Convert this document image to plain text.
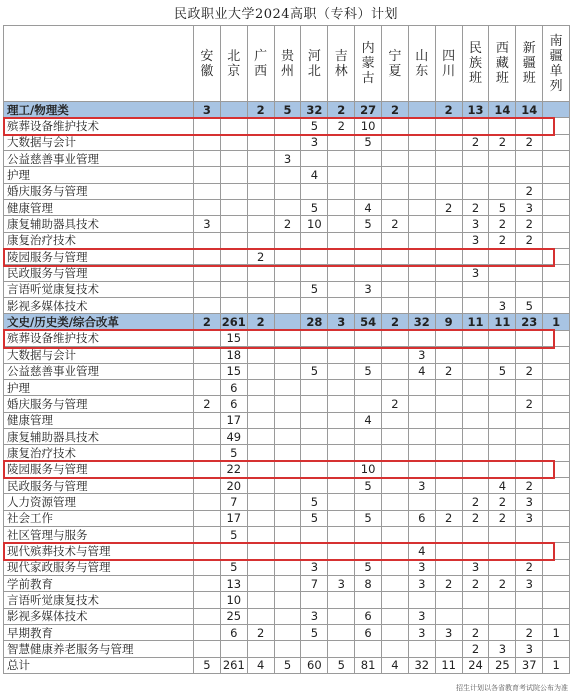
民政职业大学2024高职（专科）计划

	安徽	北京	广西	贵州	河北	吉林	内蒙古	宁夏	山东	四川	民族班	西藏班	新疆班	南疆单列

理工/物理类	3		2	5	32	2	27	2		2	13	14	14	
殡葬设备维护技术					5	2	10							
大数据与会计					3		5				2	2	2	
公益慈善事业管理				3										
护理					4									
婚庆服务与管理													2	
健康管理					5		4			2	2	5	3	
康复辅助器具技术	3			2	10		5	2			3	2	2	
康复治疗技术											3	2	2	
陵园服务与管理			2											
民政服务与管理											3			
言语听觉康复技术					5		3							
影视多媒体技术												3	5	
文史/历史类/综合改革	2	261	2		28	3	54	2	32	9	11	11	23	1
殡葬设备维护技术		15												
大数据与会计		18							3					
公益慈善事业管理		15			5		5		4	2		5	2	
护理		6												
婚庆服务与管理	2	6						2					2	
健康管理		17					4							
康复辅助器具技术		49												
康复治疗技术		5												
陵园服务与管理		22					10							
民政服务与管理		20					5		3			4	2	
人力资源管理		7			5						2	2	3	
社会工作		17			5		5		6	2	2	2	3	
社区管理与服务		5												
现代殡葬技术与管理									4					
现代家政服务与管理		5			3		5		3		3		2	
学前教育		13			7	3	8		3	2	2	2	3	
言语听觉康复技术		10												
影视多媒体技术		25			3		6		3					
早期教育		6	2		5		6		3	3	2		2	1
智慧健康养老服务与管理											2	3	3	
总计	5	261	4	5	60	5	81	4	32	11	24	25	37	1
招生计划以各省教育考试院公布为准
